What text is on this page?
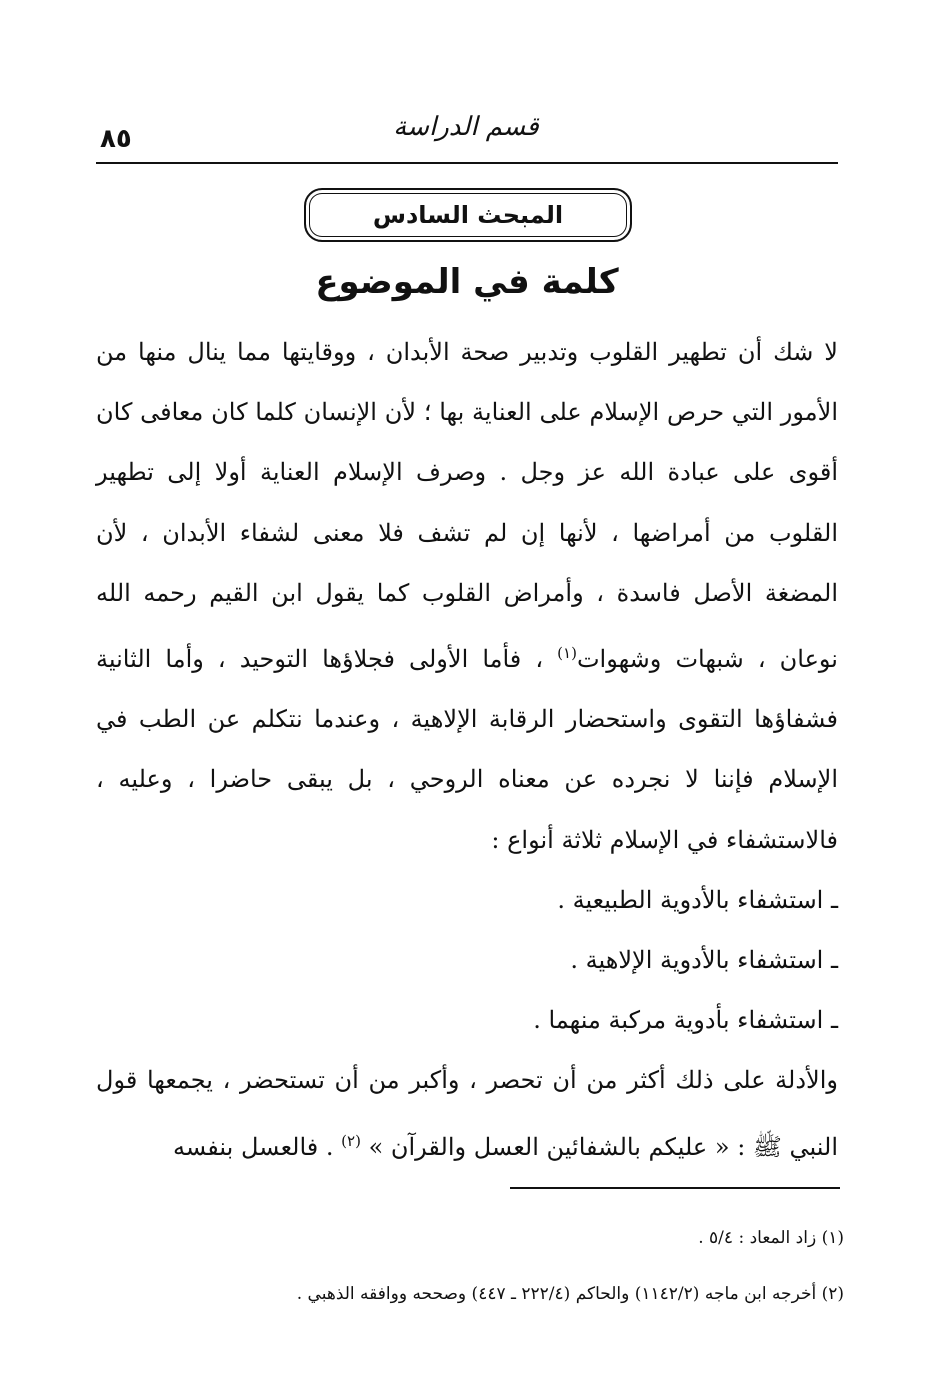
٨٥	قسم الدراسة
المبحث السادس
كلمة في الموضوع

لا شك أن تطهير القلوب وتدبير صحة الأبدان ، ووقايتها مما ينال منها من الأمور التي حرص الإسلام على العناية بها ؛ لأن الإنسان كلما كان معافى كان أقوى على عبادة الله عز وجل . وصرف الإسلام العناية أولا إلى تطهير القلوب من أمراضها ، لأنها إن لم تشف فلا معنى لشفاء الأبدان ، لأن المضغة الأصل فاسدة ، وأمراض القلوب كما يقول ابن القيم رحمه الله نوعان ، شبهات وشهوات$^{(١)}$ ، فأما الأولى فجلاؤها التوحيد ، وأما الثانية فشفاؤها التقوى واستحضار الرقابة الإلاهية ، وعندما نتكلم عن الطب في الإسلام فإننا لا نجرده عن معناه الروحي ، بل يبقى حاضرا ، وعليه ، فالاستشفاء في الإسلام ثلاثة أنواع :

ـ استشفاء بالأدوية الطبيعية .

ـ استشفاء بالأدوية الإلاهية .

ـ استشفاء بأدوية مركبة منهما .

والأدلة على ذلك أكثر من أن تحصر ، وأكبر من أن تستحضر ، يجمعها قول النبي ﷺ : « عليكم بالشفائين العسل والقرآن » $^{(٢)}$ . فالعسل بنفسه

(١) زاد المعاد : ٥/٤ .
(٢) أخرجه ابن ماجه (١١٤٢/٢) والحاكم (٢٢٢/٤ ـ ٤٤٧) وصححه ووافقه الذهبي .
